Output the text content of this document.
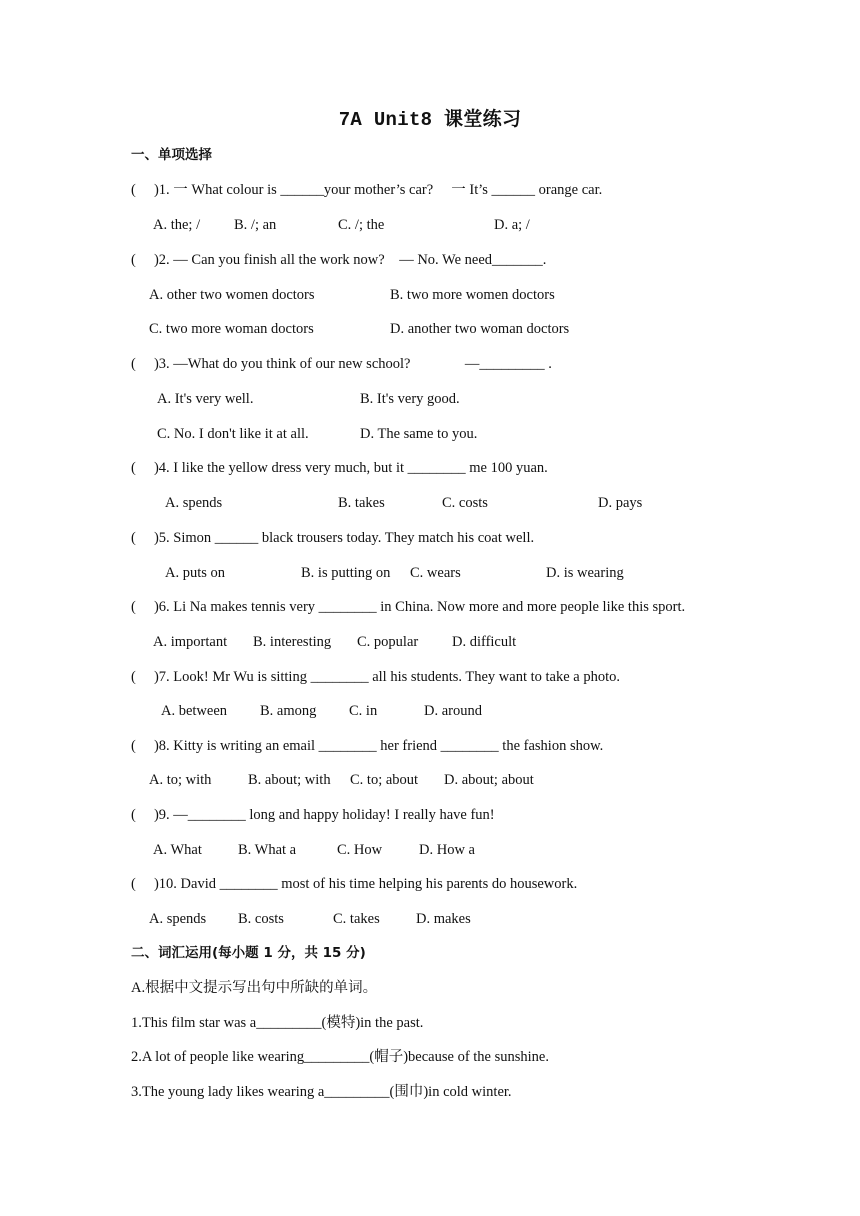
7A Unit8 课堂练习
一、单项选择
(     )1. 一 What colour is ______your mother’s car?     一 It’s ______ orange car.
A. the; / B. /; an	C. /; the	D. a; /
(     )2. — Can you finish all the work now?    — No. We need_______.
A. other two women doctors	B. two more women doctors
C. two more woman doctors	D. another two woman doctors
(     )3. —What do you think of our new school?               —_________ .
A. It's very well.	B. It's very good.
C. No. I don't like it at all.	D. The same to you.
(     )4. I like the yellow dress very much, but it ________ me 100 yuan.
A. spends	B. takes	C. costs	D. pays
(     )5. Simon ______ black trousers today. They match his coat well.
A. puts on	B. is putting on C. wears	D. is wearing
(     )6. Li Na makes tennis very ________ in China. Now more and more people like this sport.
A. important B. interesting C. popular D. difficult
(     )7. Look! Mr Wu is sitting ________ all his students. They want to take a photo.
A. between B. among C. in	D. around
(     )8. Kitty is writing an email ________ her friend ________ the fashion show.
A. to; with	B. about; with C. to; about D. about; about
(     )9. —________ long and happy holiday! I really have fun!
A. What B. What a	C. How	D. How a
(     )10. David ________ most of his time helping his parents do housework.
A. spends B. costs	C. takes	D. makes
二、词汇运用(每小题 1 分，共 15 分)
A.根据中文提示写出句中所缺的单词。
1.This film star was a_________(模特)in the past.
2.A lot of people like wearing_________(帽子)because of the sunshine.
3.The young lady likes wearing a_________(围巾)in cold winter.
